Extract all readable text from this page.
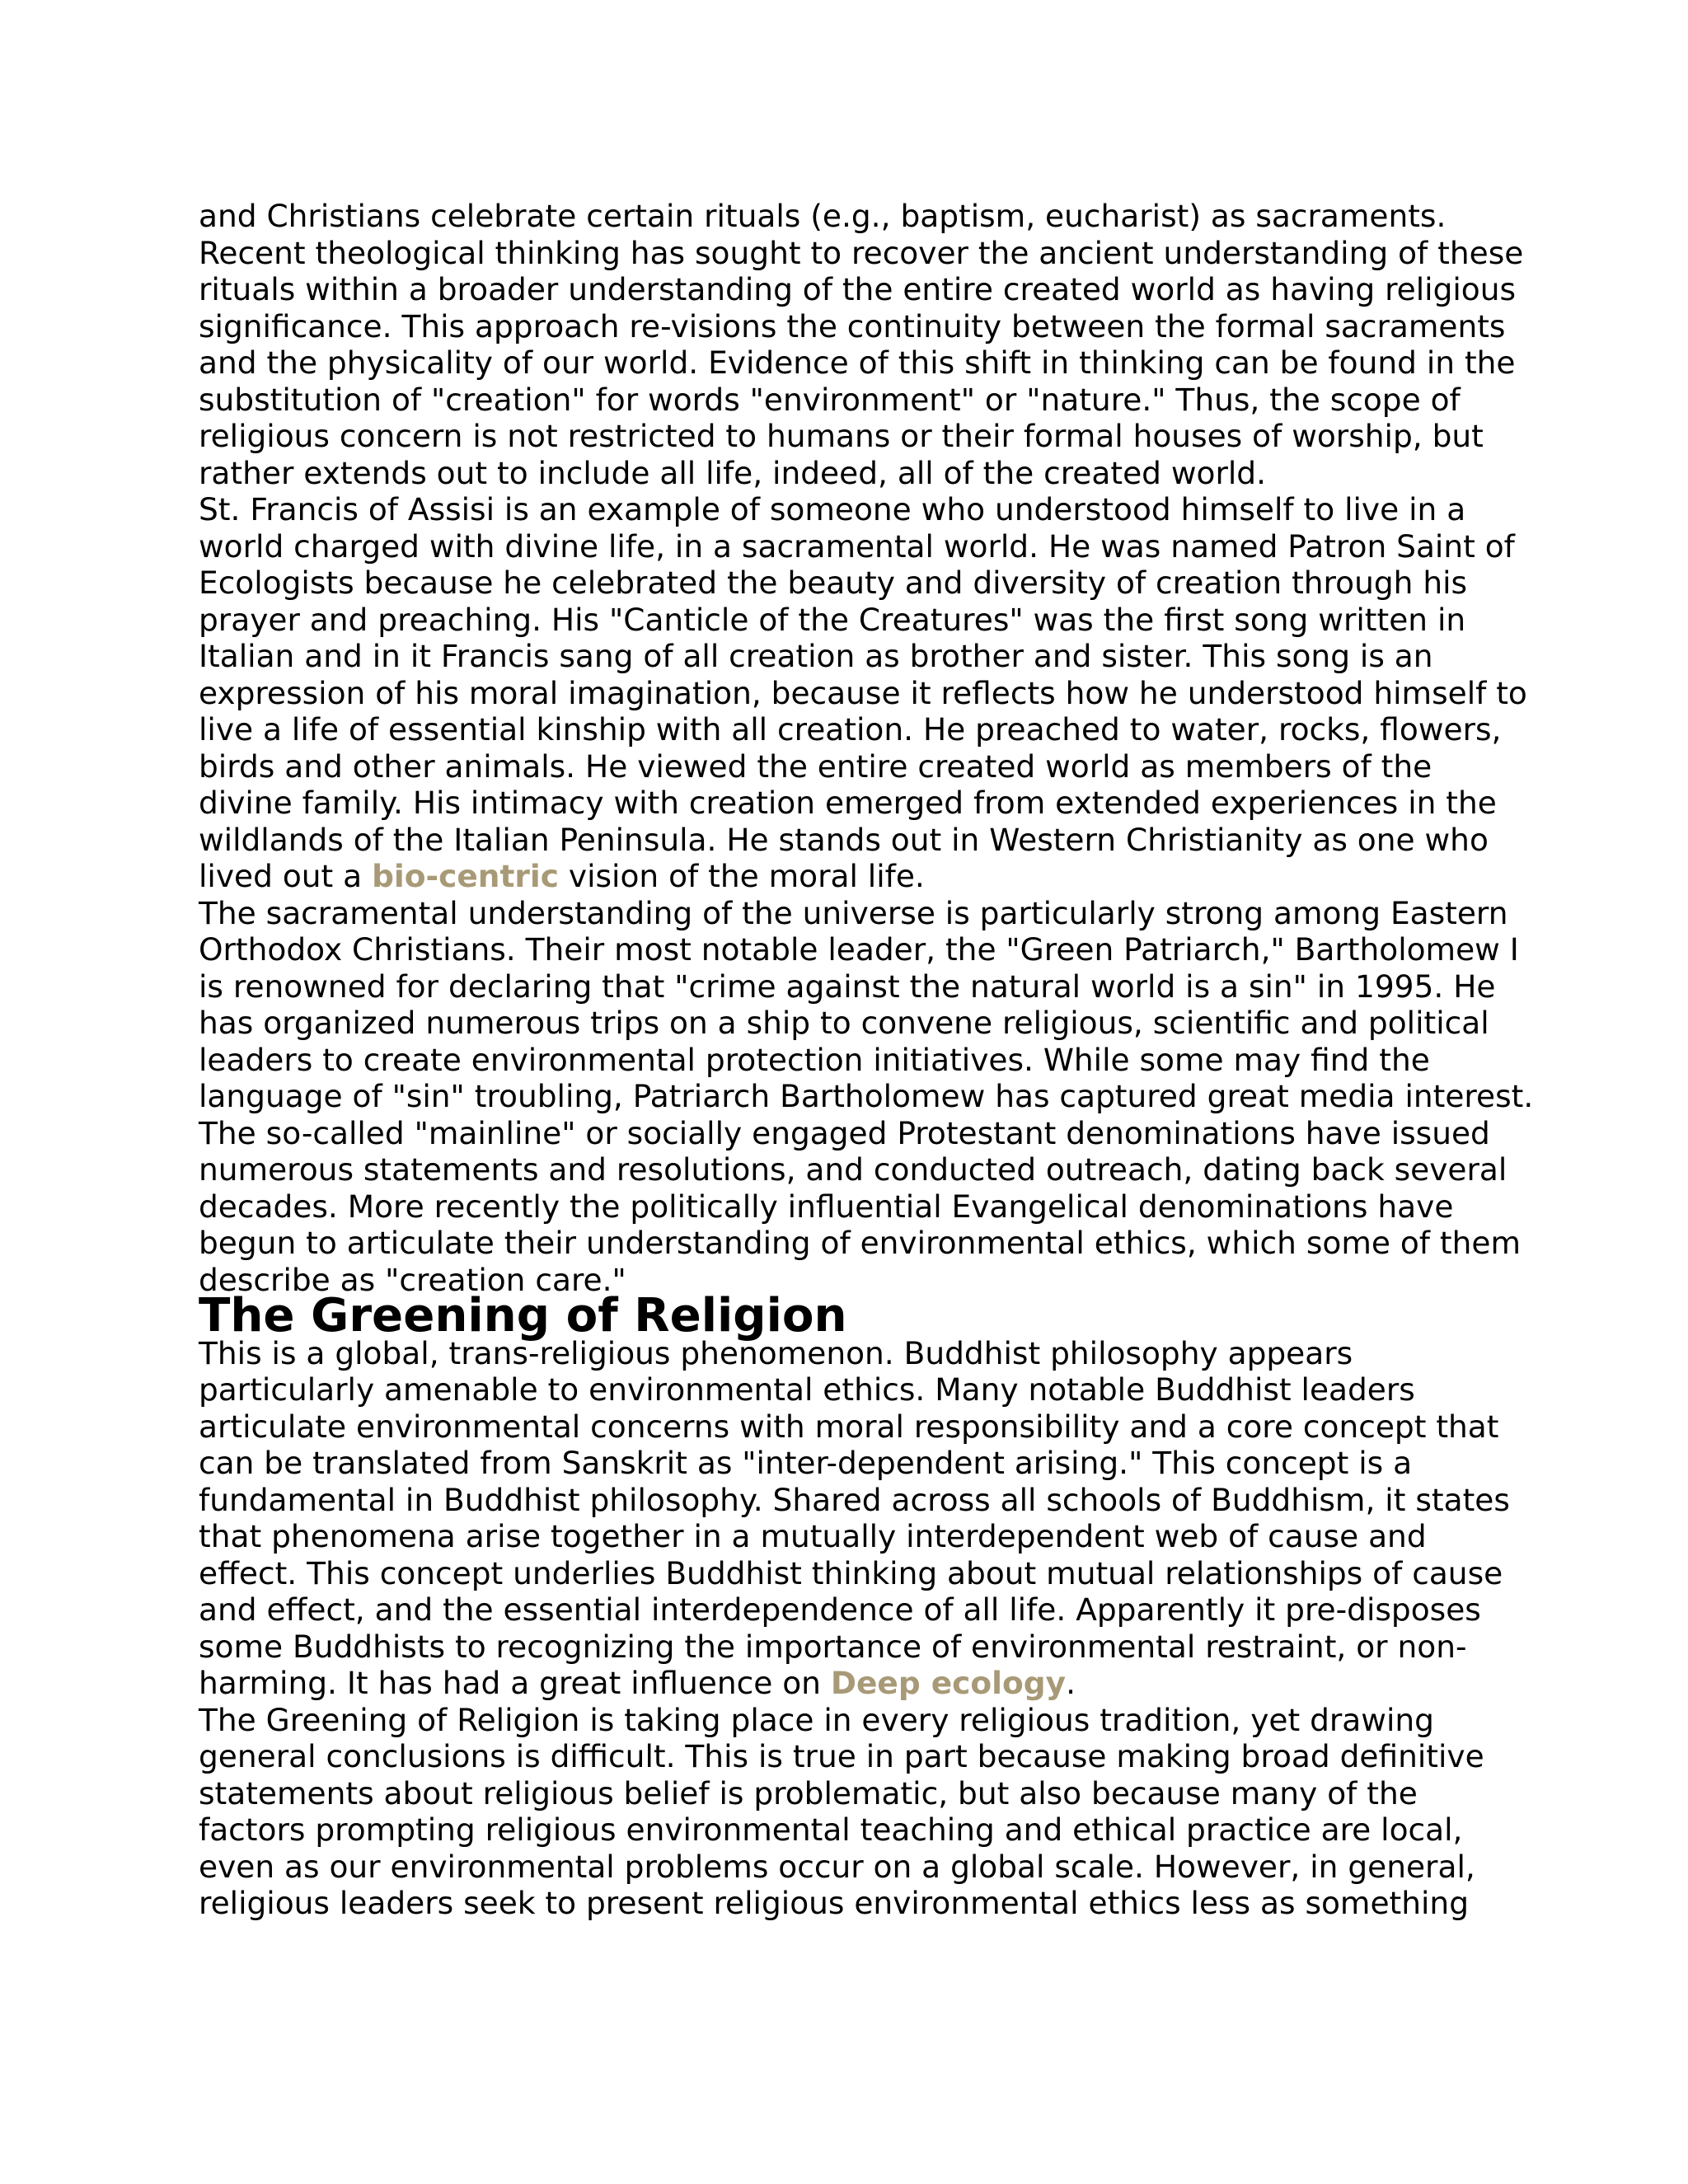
and Christians celebrate certain rituals (e.g., baptism, eucharist) as sacraments. Recent theological thinking has sought to recover the ancient understanding of these rituals within a broader understanding of the entire created world as having religious significance. This approach re-visions the continuity between the formal sacraments and the physicality of our world. Evidence of this shift in thinking can be found in the substitution of "creation" for words "environment" or "nature." Thus, the scope of religious concern is not restricted to humans or their formal houses of worship, but rather extends out to include all life, indeed, all of the created world.

St. Francis of Assisi is an example of someone who understood himself to live in a world charged with divine life, in a sacramental world. He was named Patron Saint of Ecologists because he celebrated the beauty and diversity of creation through his prayer and preaching. His "Canticle of the Creatures" was the first song written in Italian and in it Francis sang of all creation as brother and sister. This song is an expression of his moral imagination, because it reflects how he understood himself to live a life of essential kinship with all creation. He preached to water, rocks, flowers, birds and other animals. He viewed the entire created world as members of the divine family. His intimacy with creation emerged from extended experiences in the wildlands of the Italian Peninsula. He stands out in Western Christianity as one who lived out a bio-centric vision of the moral life.

The sacramental understanding of the universe is particularly strong among Eastern Orthodox Christians. Their most notable leader, the "Green Patriarch," Bartholomew I is renowned for declaring that "crime against the natural world is a sin" in 1995. He has organized numerous trips on a ship to convene religious, scientific and political leaders to create environmental protection initiatives. While some may find the language of "sin" troubling, Patriarch Bartholomew has captured great media interest. The so-called "mainline" or socially engaged Protestant denominations have issued numerous statements and resolutions, and conducted outreach, dating back several decades. More recently the politically influential Evangelical denominations have begun to articulate their understanding of environmental ethics, which some of them describe as "creation care."

The Greening of Religion

This is a global, trans-religious phenomenon. Buddhist philosophy appears particularly amenable to environmental ethics. Many notable Buddhist leaders articulate environmental concerns with moral responsibility and a core concept that can be translated from Sanskrit as "inter-dependent arising." This concept is a fundamental in Buddhist philosophy. Shared across all schools of Buddhism, it states that phenomena arise together in a mutually interdependent web of cause and effect. This concept underlies Buddhist thinking about mutual relationships of cause and effect, and the essential interdependence of all life. Apparently it pre-disposes some Buddhists to recognizing the importance of environmental restraint, or non-harming. It has had a great influence on Deep ecology.

The Greening of Religion is taking place in every religious tradition, yet drawing general conclusions is difficult. This is true in part because making broad definitive statements about religious belief is problematic, but also because many of the factors prompting religious environmental teaching and ethical practice are local, even as our environmental problems occur on a global scale. However, in general, religious leaders seek to present religious environmental ethics less as something
